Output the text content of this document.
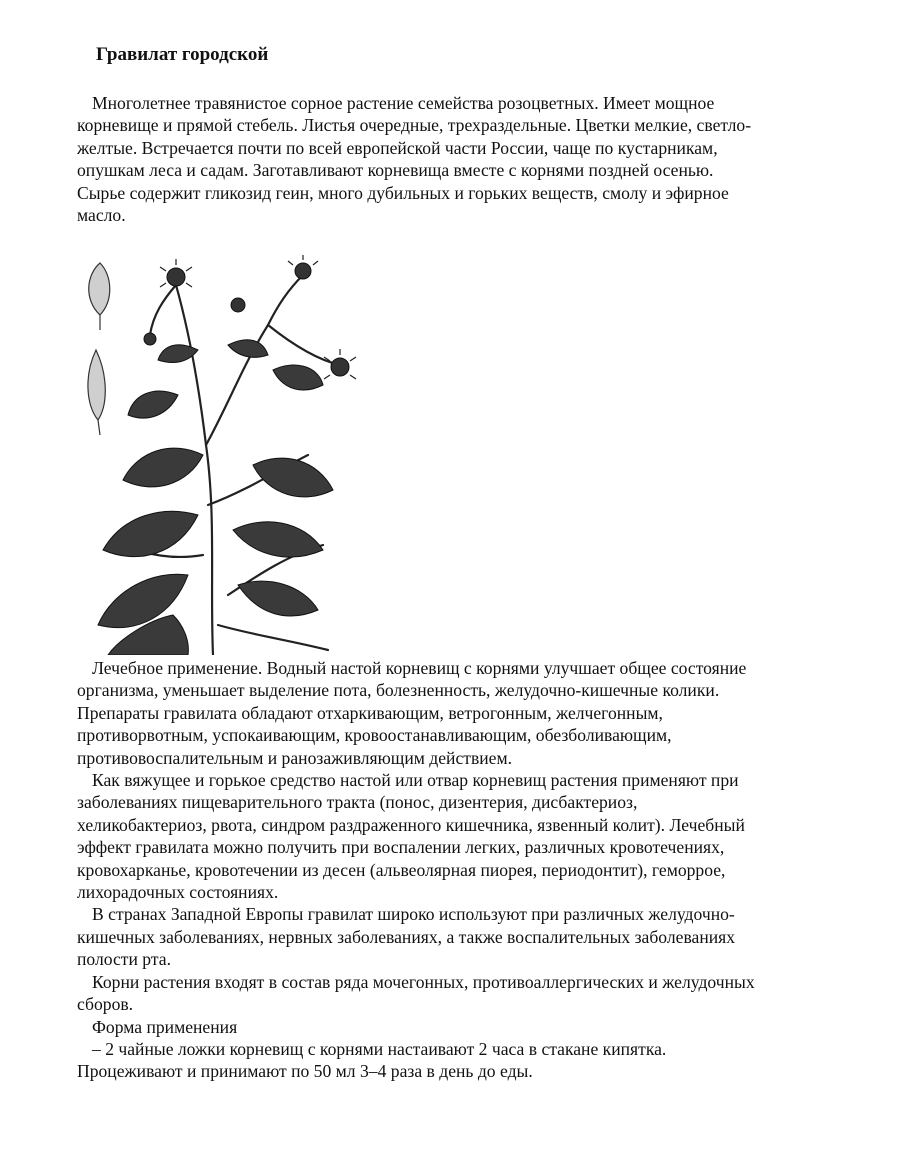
Гравилат городской
Многолетнее травянистое сорное растение семейства розоцветных. Имеет мощное
корневище и прямой стебель. Листья очередные, трехраздельные. Цветки мелкие, светло-
желтые. Встречается почти по всей европейской части России, чаще по кустарникам,
опушкам леса и садам. Заготавливают корневища вместе с корнями поздней осенью.
Сырье содержит гликозид геин, много дубильных и горьких веществ, смолу и эфирное
масло.
Лечебное применение. Водный настой корневищ с корнями улучшает общее состояние
организма, уменьшает выделение пота, болезненность, желудочно-кишечные колики.
Препараты гравилата обладают отхаркивающим, ветрогонным, желчегонным,
противорвотным, успокаивающим, кровоостанавливающим, обезболивающим,
противовоспалительным и ранозаживляющим действием.
Как вяжущее и горькое средство настой или отвар корневищ растения применяют при
заболеваниях пищеварительного тракта (понос, дизентерия, дисбактериоз,
хеликобактериоз, рвота, синдром раздраженного кишечника, язвенный колит). Лечебный
эффект гравилата можно получить при воспалении легких, различных кровотечениях,
кровохарканье, кровотечении из десен (альвеолярная пиорея, периодонтит), геморрое,
лихорадочных состояниях.
В странах Западной Европы гравилат широко используют при различных желудочно-
кишечных заболеваниях, нервных заболеваниях, а также воспалительных заболеваниях
полости рта.
Корни растения входят в состав ряда мочегонных, противоаллергических и желудочных
сборов.
Форма применения
– 2 чайные ложки корневищ с корнями настаивают 2 часа в стакане кипятка.
Процеживают и принимают по 50 мл 3–4 раза в день до еды.
